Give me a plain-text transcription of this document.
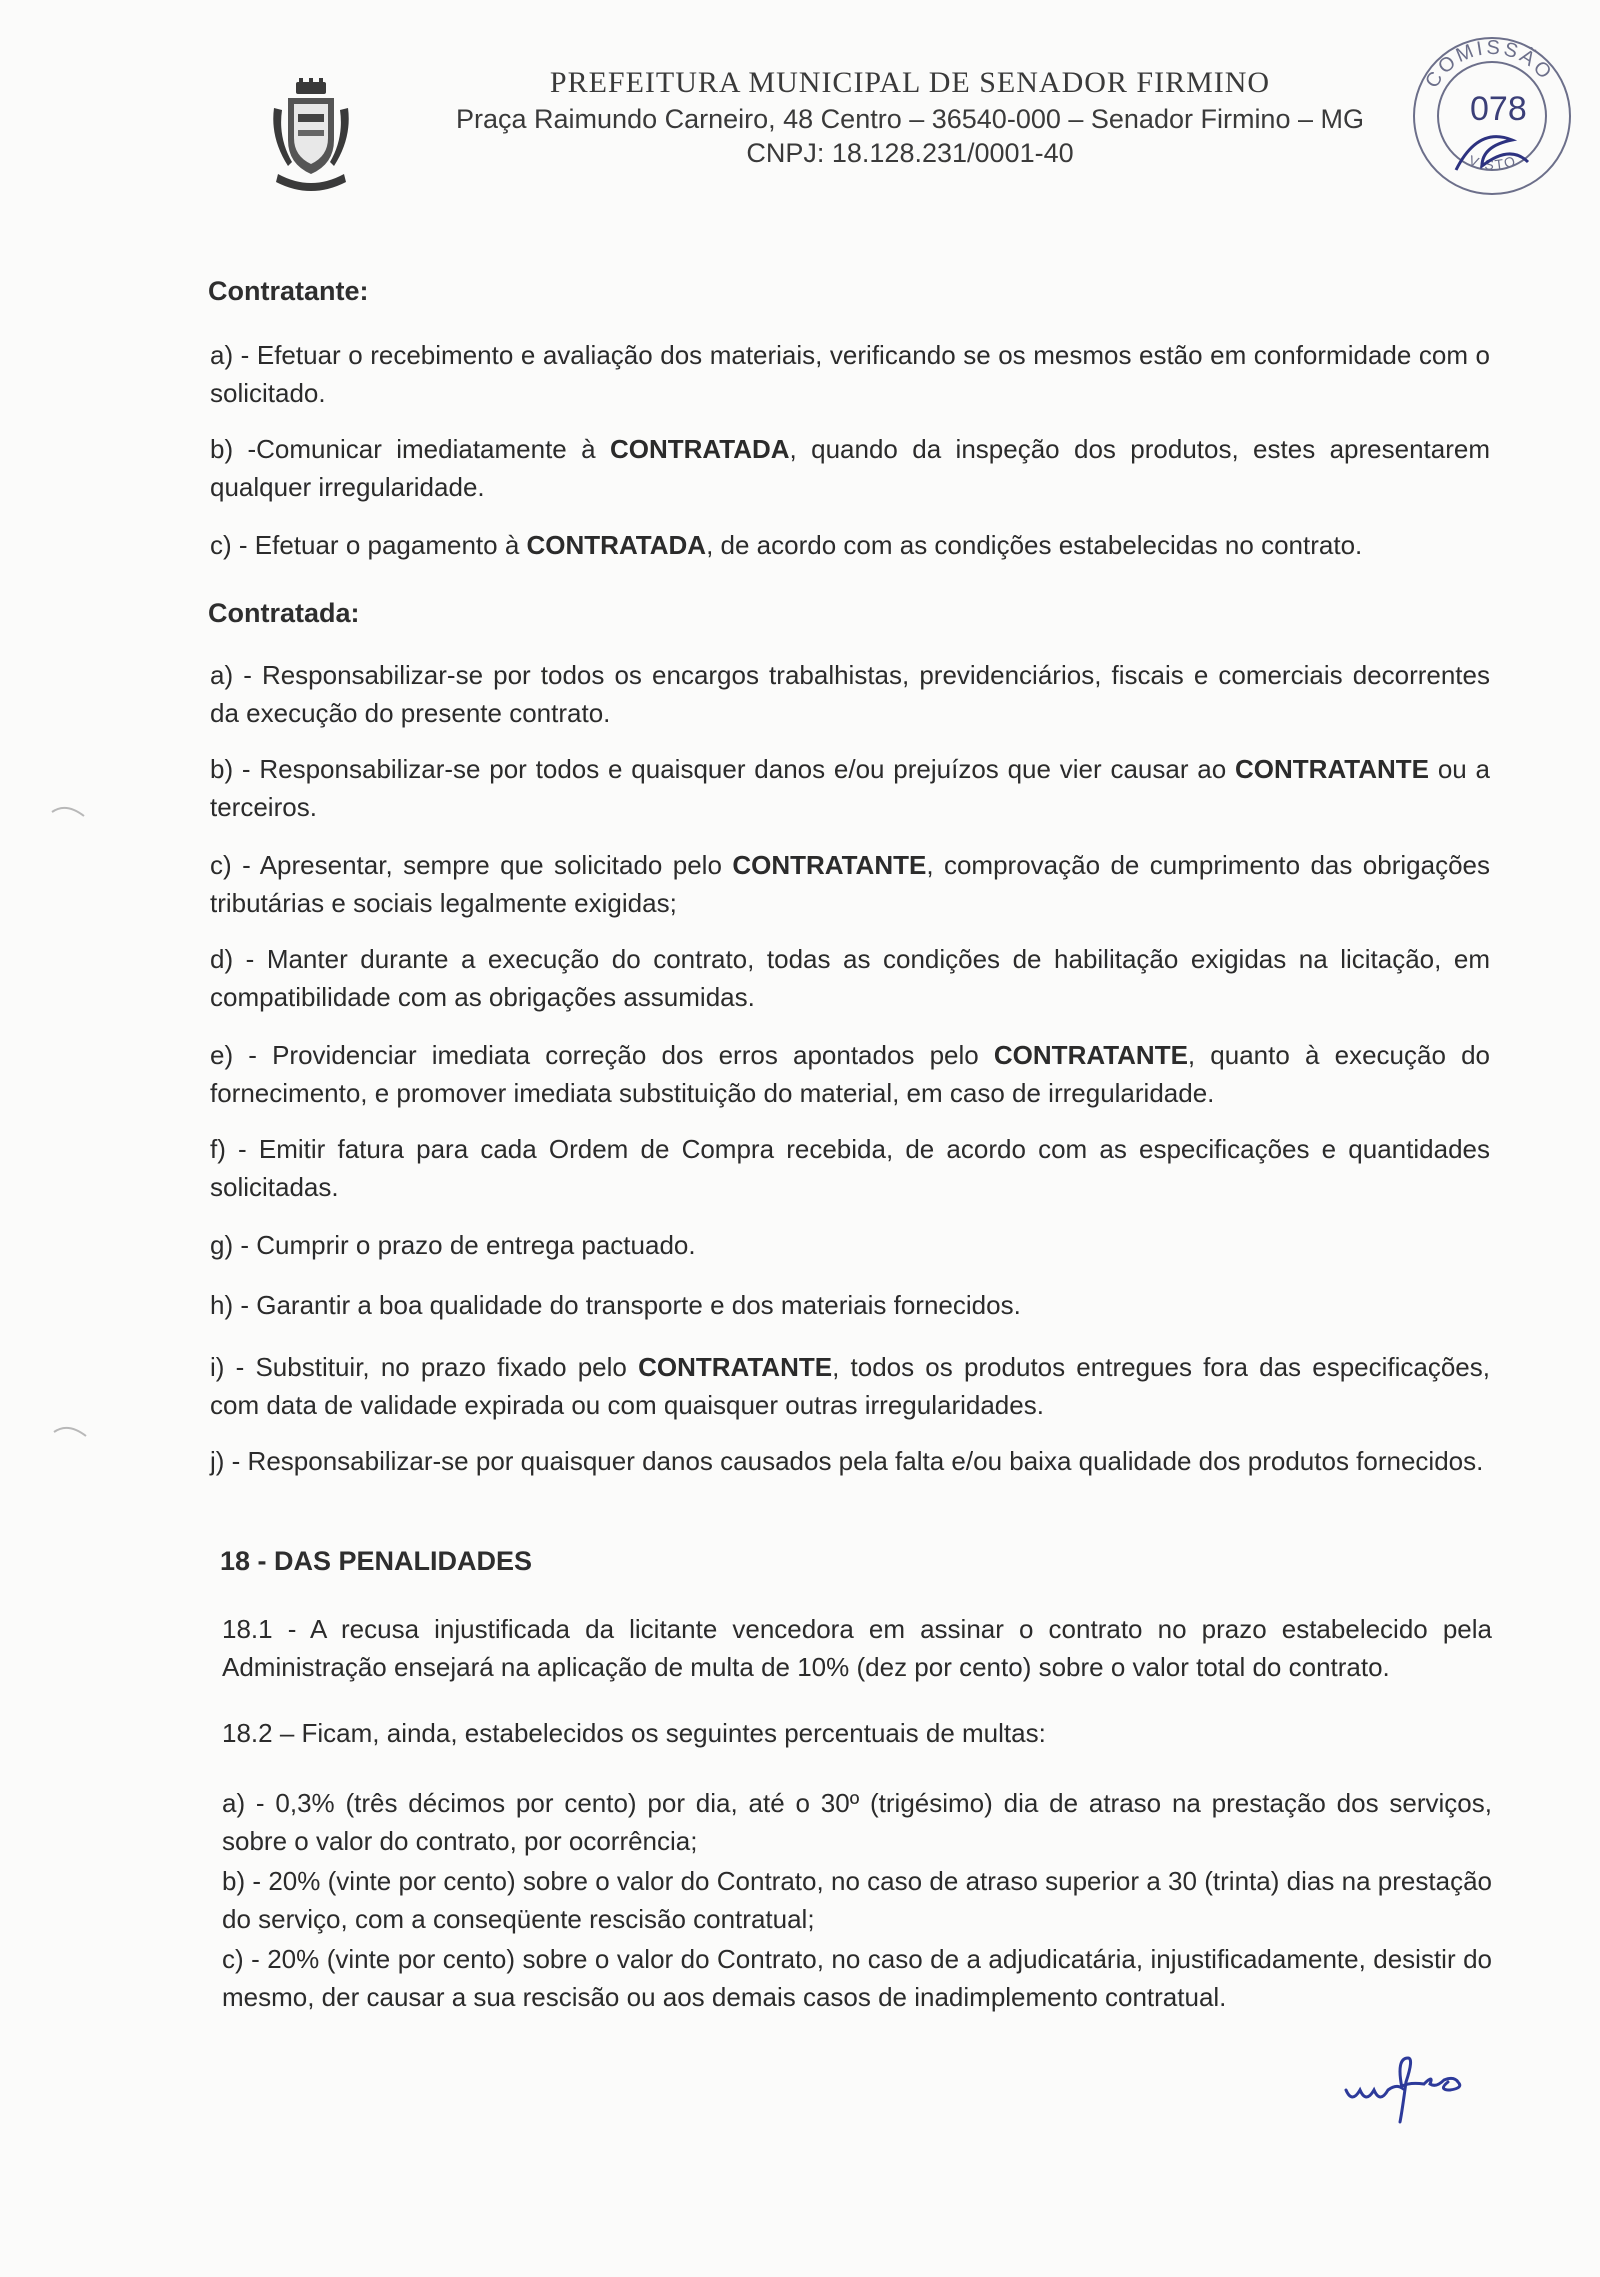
PREFEITURA MUNICIPAL DE SENADOR FIRMINO
Praça Raimundo Carneiro, 48 Centro – 36540-000 – Senador Firmino – MG
CNPJ: 18.128.231/0001-40
COMISSÃO
078
VISTO
Contratante:
a) - Efetuar o recebimento e avaliação dos materiais, verificando se os mesmos estão em conformidade com o solicitado.
b) -Comunicar imediatamente à CONTRATADA, quando da inspeção dos produtos, estes apresentarem qualquer irregularidade.
c) - Efetuar o pagamento à CONTRATADA, de acordo com as condições estabelecidas no contrato.
Contratada:
a) - Responsabilizar-se por todos os encargos trabalhistas, previdenciários, fiscais e comerciais decorrentes da execução do presente contrato.
b) - Responsabilizar-se por todos e quaisquer danos e/ou prejuízos que vier causar ao CONTRATANTE ou a terceiros.
c) - Apresentar, sempre que solicitado pelo CONTRATANTE, comprovação de cumprimento das obrigações tributárias e sociais legalmente exigidas;
d) - Manter durante a execução do contrato, todas as condições de habilitação exigidas na licitação, em compatibilidade com as obrigações assumidas.
e) - Providenciar imediata correção dos erros apontados pelo CONTRATANTE, quanto à execução do fornecimento, e promover imediata substituição do material, em caso de irregularidade.
f) - Emitir fatura para cada Ordem de Compra recebida, de acordo com as especificações e quantidades solicitadas.
g) - Cumprir o prazo de entrega pactuado.
h) - Garantir a boa qualidade do transporte e dos materiais fornecidos.
i) - Substituir, no prazo fixado pelo CONTRATANTE, todos os produtos entregues fora das especificações, com data de validade expirada ou com quaisquer outras irregularidades.
j) - Responsabilizar-se por quaisquer danos causados pela falta e/ou baixa qualidade dos produtos fornecidos.
18 - DAS PENALIDADES
18.1 - A recusa injustificada da licitante vencedora em assinar o contrato no prazo estabelecido pela Administração ensejará na aplicação de multa de 10% (dez por cento) sobre o valor total do contrato.
18.2 – Ficam, ainda, estabelecidos os seguintes percentuais de multas:
a) - 0,3% (três décimos por cento) por dia, até o 30º (trigésimo) dia de atraso na prestação dos serviços, sobre o valor do contrato, por ocorrência;
b) - 20% (vinte por cento) sobre o valor do Contrato, no caso de atraso superior a 30 (trinta) dias na prestação do serviço, com a conseqüente rescisão contratual;
c) - 20% (vinte por cento) sobre o valor do Contrato, no caso de a adjudicatária, injustificadamente, desistir do mesmo, der causar a sua rescisão ou aos demais casos de inadimplemento contratual.
